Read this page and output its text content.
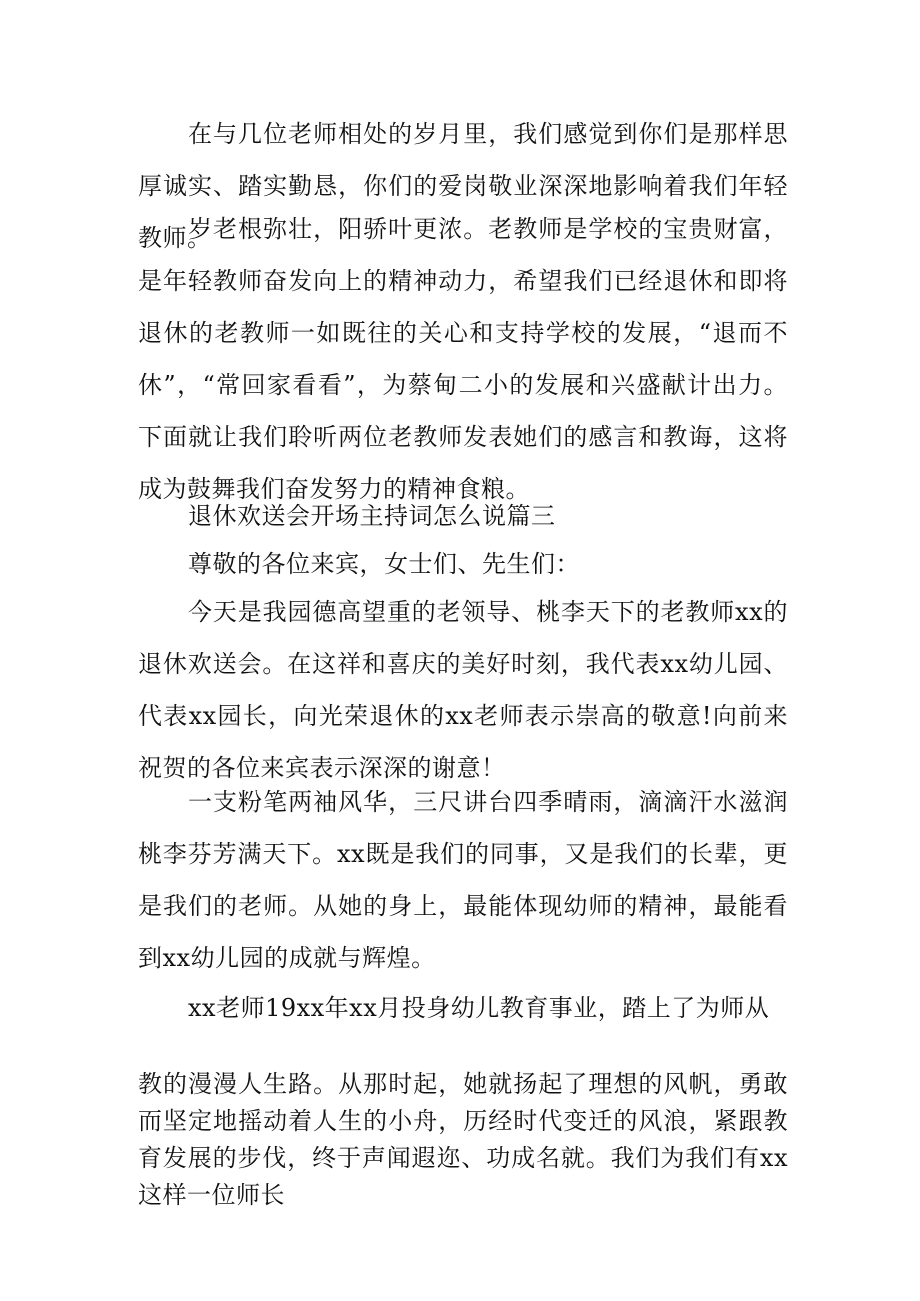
在与几位老师相处的岁月里，我们感觉到你们是那样思厚诚实、踏实勤恳，你们的爱岗敬业深深地影响着我们年轻教师。

岁老根弥壮，阳骄叶更浓。老教师是学校的宝贵财富，是年轻教师奋发向上的精神动力，希望我们已经退休和即将退休的老教师一如既往的关心和支持学校的发展，“退而不休”，“常回家看看”，为蔡甸二小的发展和兴盛献计出力。下面就让我们聆听两位老教师发表她们的感言和教诲，这将成为鼓舞我们奋发努力的精神食粮。

退休欢送会开场主持词怎么说篇三

尊敬的各位来宾，女士们、先生们：

今天是我园德高望重的老领导、桃李天下的老教师xx的退休欢送会。在这祥和喜庆的美好时刻，我代表xx幼儿园、代表xx园长，向光荣退休的xx老师表示崇高的敬意!向前来祝贺的各位来宾表示深深的谢意！

一支粉笔两袖风华，三尺讲台四季晴雨，滴滴汗水滋润桃李芬芳满天下。xx既是我们的同事，又是我们的长辈，更是我们的老师。从她的身上，最能体现幼师的精神，最能看到xx幼儿园的成就与辉煌。

xx老师19xx年xx月投身幼儿教育事业，踏上了为师从

教的漫漫人生路。从那时起，她就扬起了理想的风帆，勇敢而坚定地摇动着人生的小舟，历经时代变迁的风浪，紧跟教育发展的步伐，终于声闻遐迩、功成名就。我们为我们有xx这样一位师长
